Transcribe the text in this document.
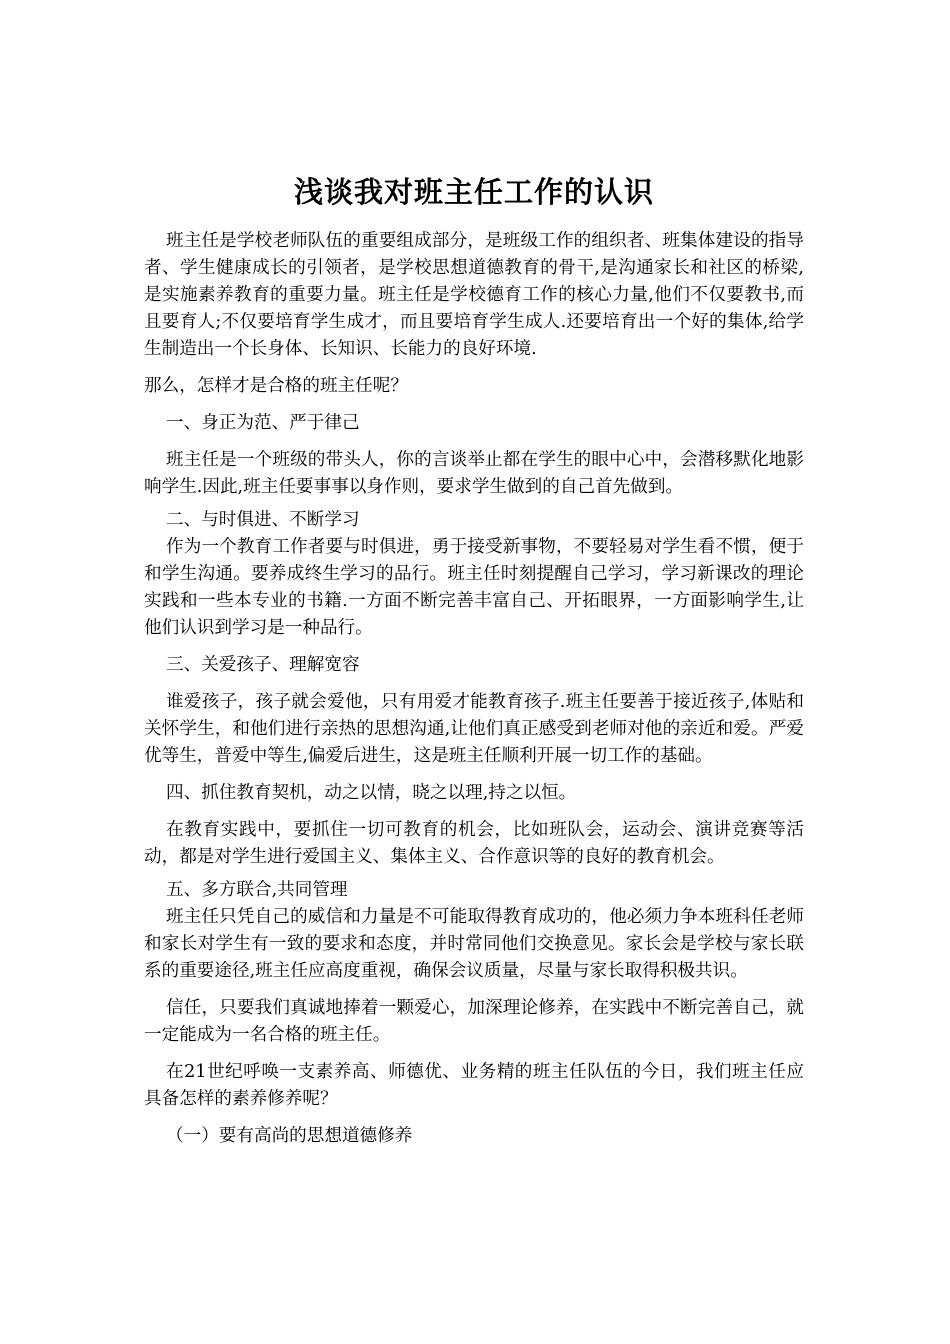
浅谈我对班主任工作的认识

班主任是学校老师队伍的重要组成部分，是班级工作的组织者、班集体建设的指导者、学生健康成长的引领者，是学校思想道德教育的骨干,是沟通家长和社区的桥梁,是实施素养教育的重要力量。班主任是学校德育工作的核心力量,他们不仅要教书,而且要育人;不仅要培育学生成才，而且要培育学生成人.还要培育出一个好的集体,给学生制造出一个长身体、长知识、长能力的良好环境.

那么，怎样才是合格的班主任呢？

一、身正为范、严于律己

班主任是一个班级的带头人，你的言谈举止都在学生的眼中心中，会潜移默化地影响学生.因此,班主任要事事以身作则，要求学生做到的自己首先做到。

二、与时俱进、不断学习

作为一个教育工作者要与时俱进，勇于接受新事物，不要轻易对学生看不惯，便于和学生沟通。要养成终生学习的品行。班主任时刻提醒自己学习，学习新课改的理论实践和一些本专业的书籍.一方面不断完善丰富自己、开拓眼界，一方面影响学生,让他们认识到学习是一种品行。

三、关爱孩子、理解宽容

谁爱孩子，孩子就会爱他，只有用爱才能教育孩子.班主任要善于接近孩子,体贴和关怀学生，和他们进行亲热的思想沟通,让他们真正感受到老师对他的亲近和爱。严爱优等生，普爱中等生,偏爱后进生，这是班主任顺利开展一切工作的基础。

四、抓住教育契机，动之以情，晓之以理,持之以恒。

在教育实践中，要抓住一切可教育的机会，比如班队会，运动会、演讲竞赛等活动，都是对学生进行爱国主义、集体主义、合作意识等的良好的教育机会。

五、多方联合,共同管理

班主任只凭自己的威信和力量是不可能取得教育成功的，他必须力争本班科任老师和家长对学生有一致的要求和态度，并时常同他们交换意见。家长会是学校与家长联系的重要途径,班主任应高度重视，确保会议质量，尽量与家长取得积极共识。

信任，只要我们真诚地捧着一颗爱心，加深理论修养，在实践中不断完善自己，就一定能成为一名合格的班主任。

在21世纪呼唤一支素养高、师德优、业务精的班主任队伍的今日，我们班主任应具备怎样的素养修养呢？

（一）要有高尚的思想道德修养
